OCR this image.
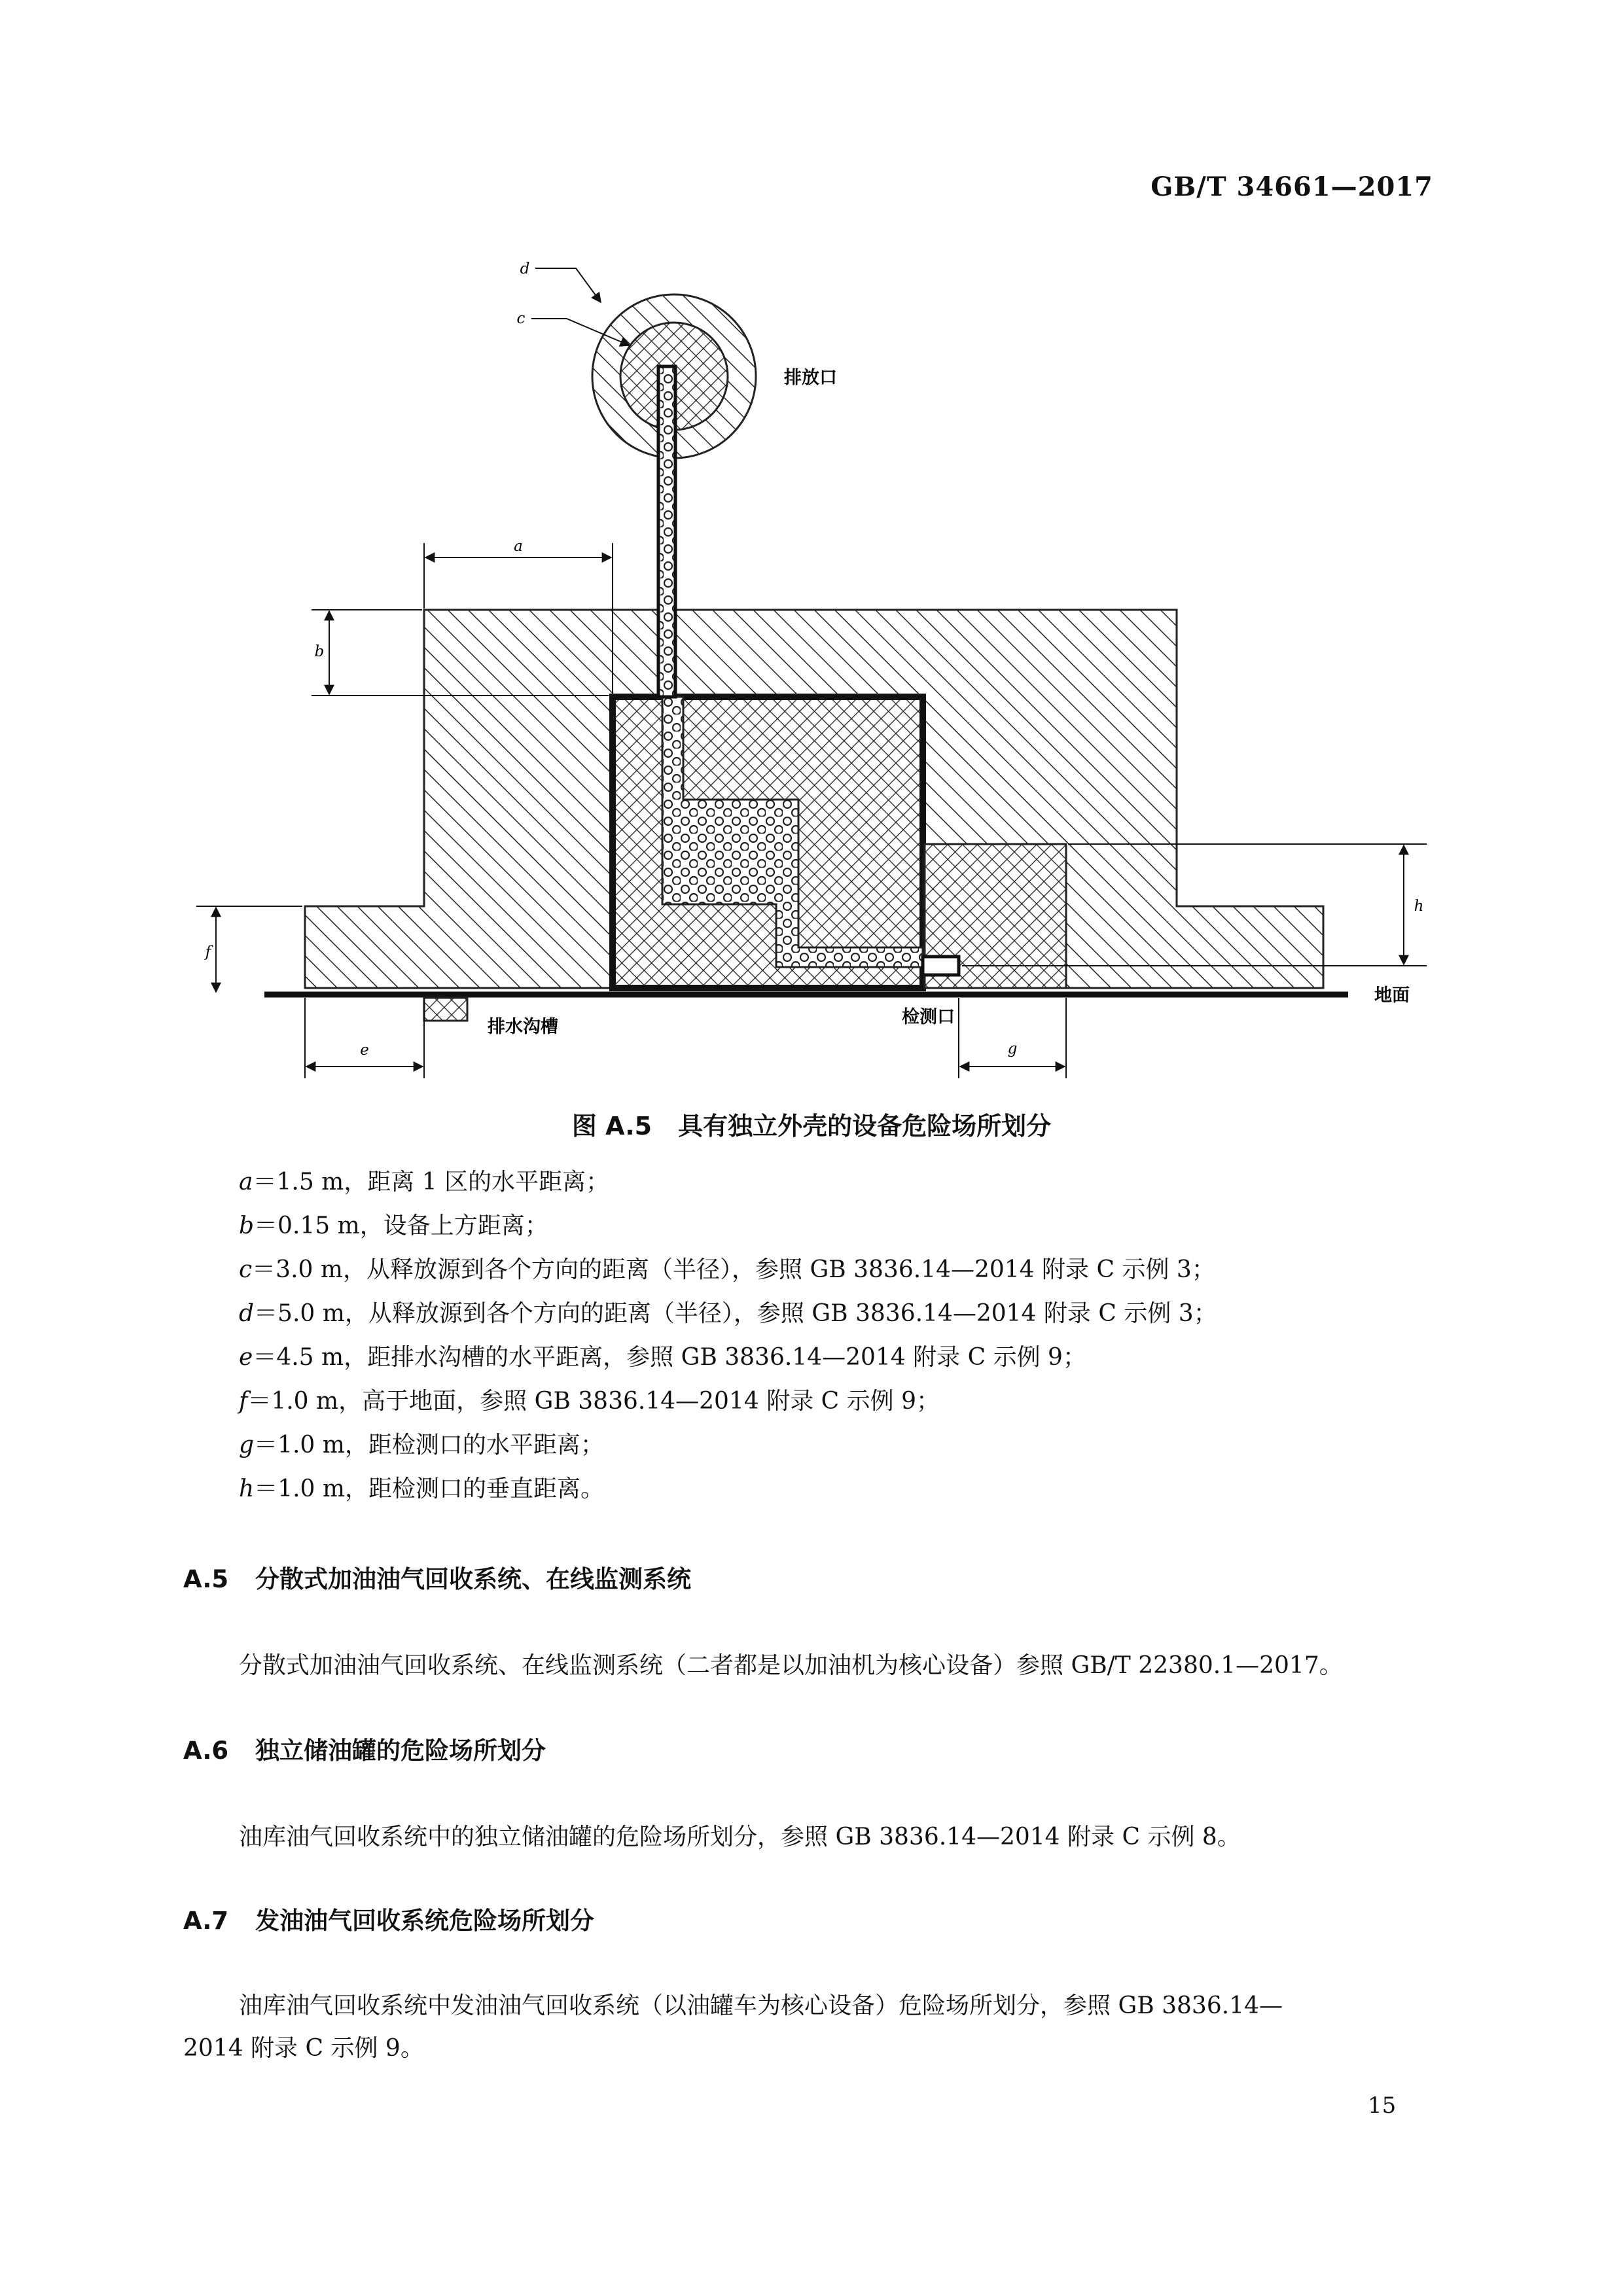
GB/T 34661—2017
a
b
f
e	g
h
d
c
排放口
排水沟槽	检测口
地面
图 A.5 具有独立外壳的设备危险场所划分
a＝1.5 m，距离 1 区的水平距离；
b＝0.15 m，设备上方距离；
c＝3.0 m，从释放源到各个方向的距离（半径），参照 GB 3836.14—2014 附录 C 示例 3；
d＝5.0 m，从释放源到各个方向的距离（半径），参照 GB 3836.14—2014 附录 C 示例 3；
e＝4.5 m，距排水沟槽的水平距离，参照 GB 3836.14—2014 附录 C 示例 9；
f＝1.0 m，高于地面，参照 GB 3836.14—2014 附录 C 示例 9；
g＝1.0 m，距检测口的水平距离；
h＝1.0 m，距检测口的垂直距离。
A.5 分散式加油油气回收系统、在线监测系统
分散式加油油气回收系统、在线监测系统（二者都是以加油机为核心设备）参照 GB/T 22380.1—2017。
A.6 独立储油罐的危险场所划分
油库油气回收系统中的独立储油罐的危险场所划分，参照 GB 3836.14—2014 附录 C 示例 8。
A.7 发油油气回收系统危险场所划分
油库油气回收系统中发油油气回收系统（以油罐车为核心设备）危险场所划分，参照 GB 3836.14—
2014 附录 C 示例 9。
15
